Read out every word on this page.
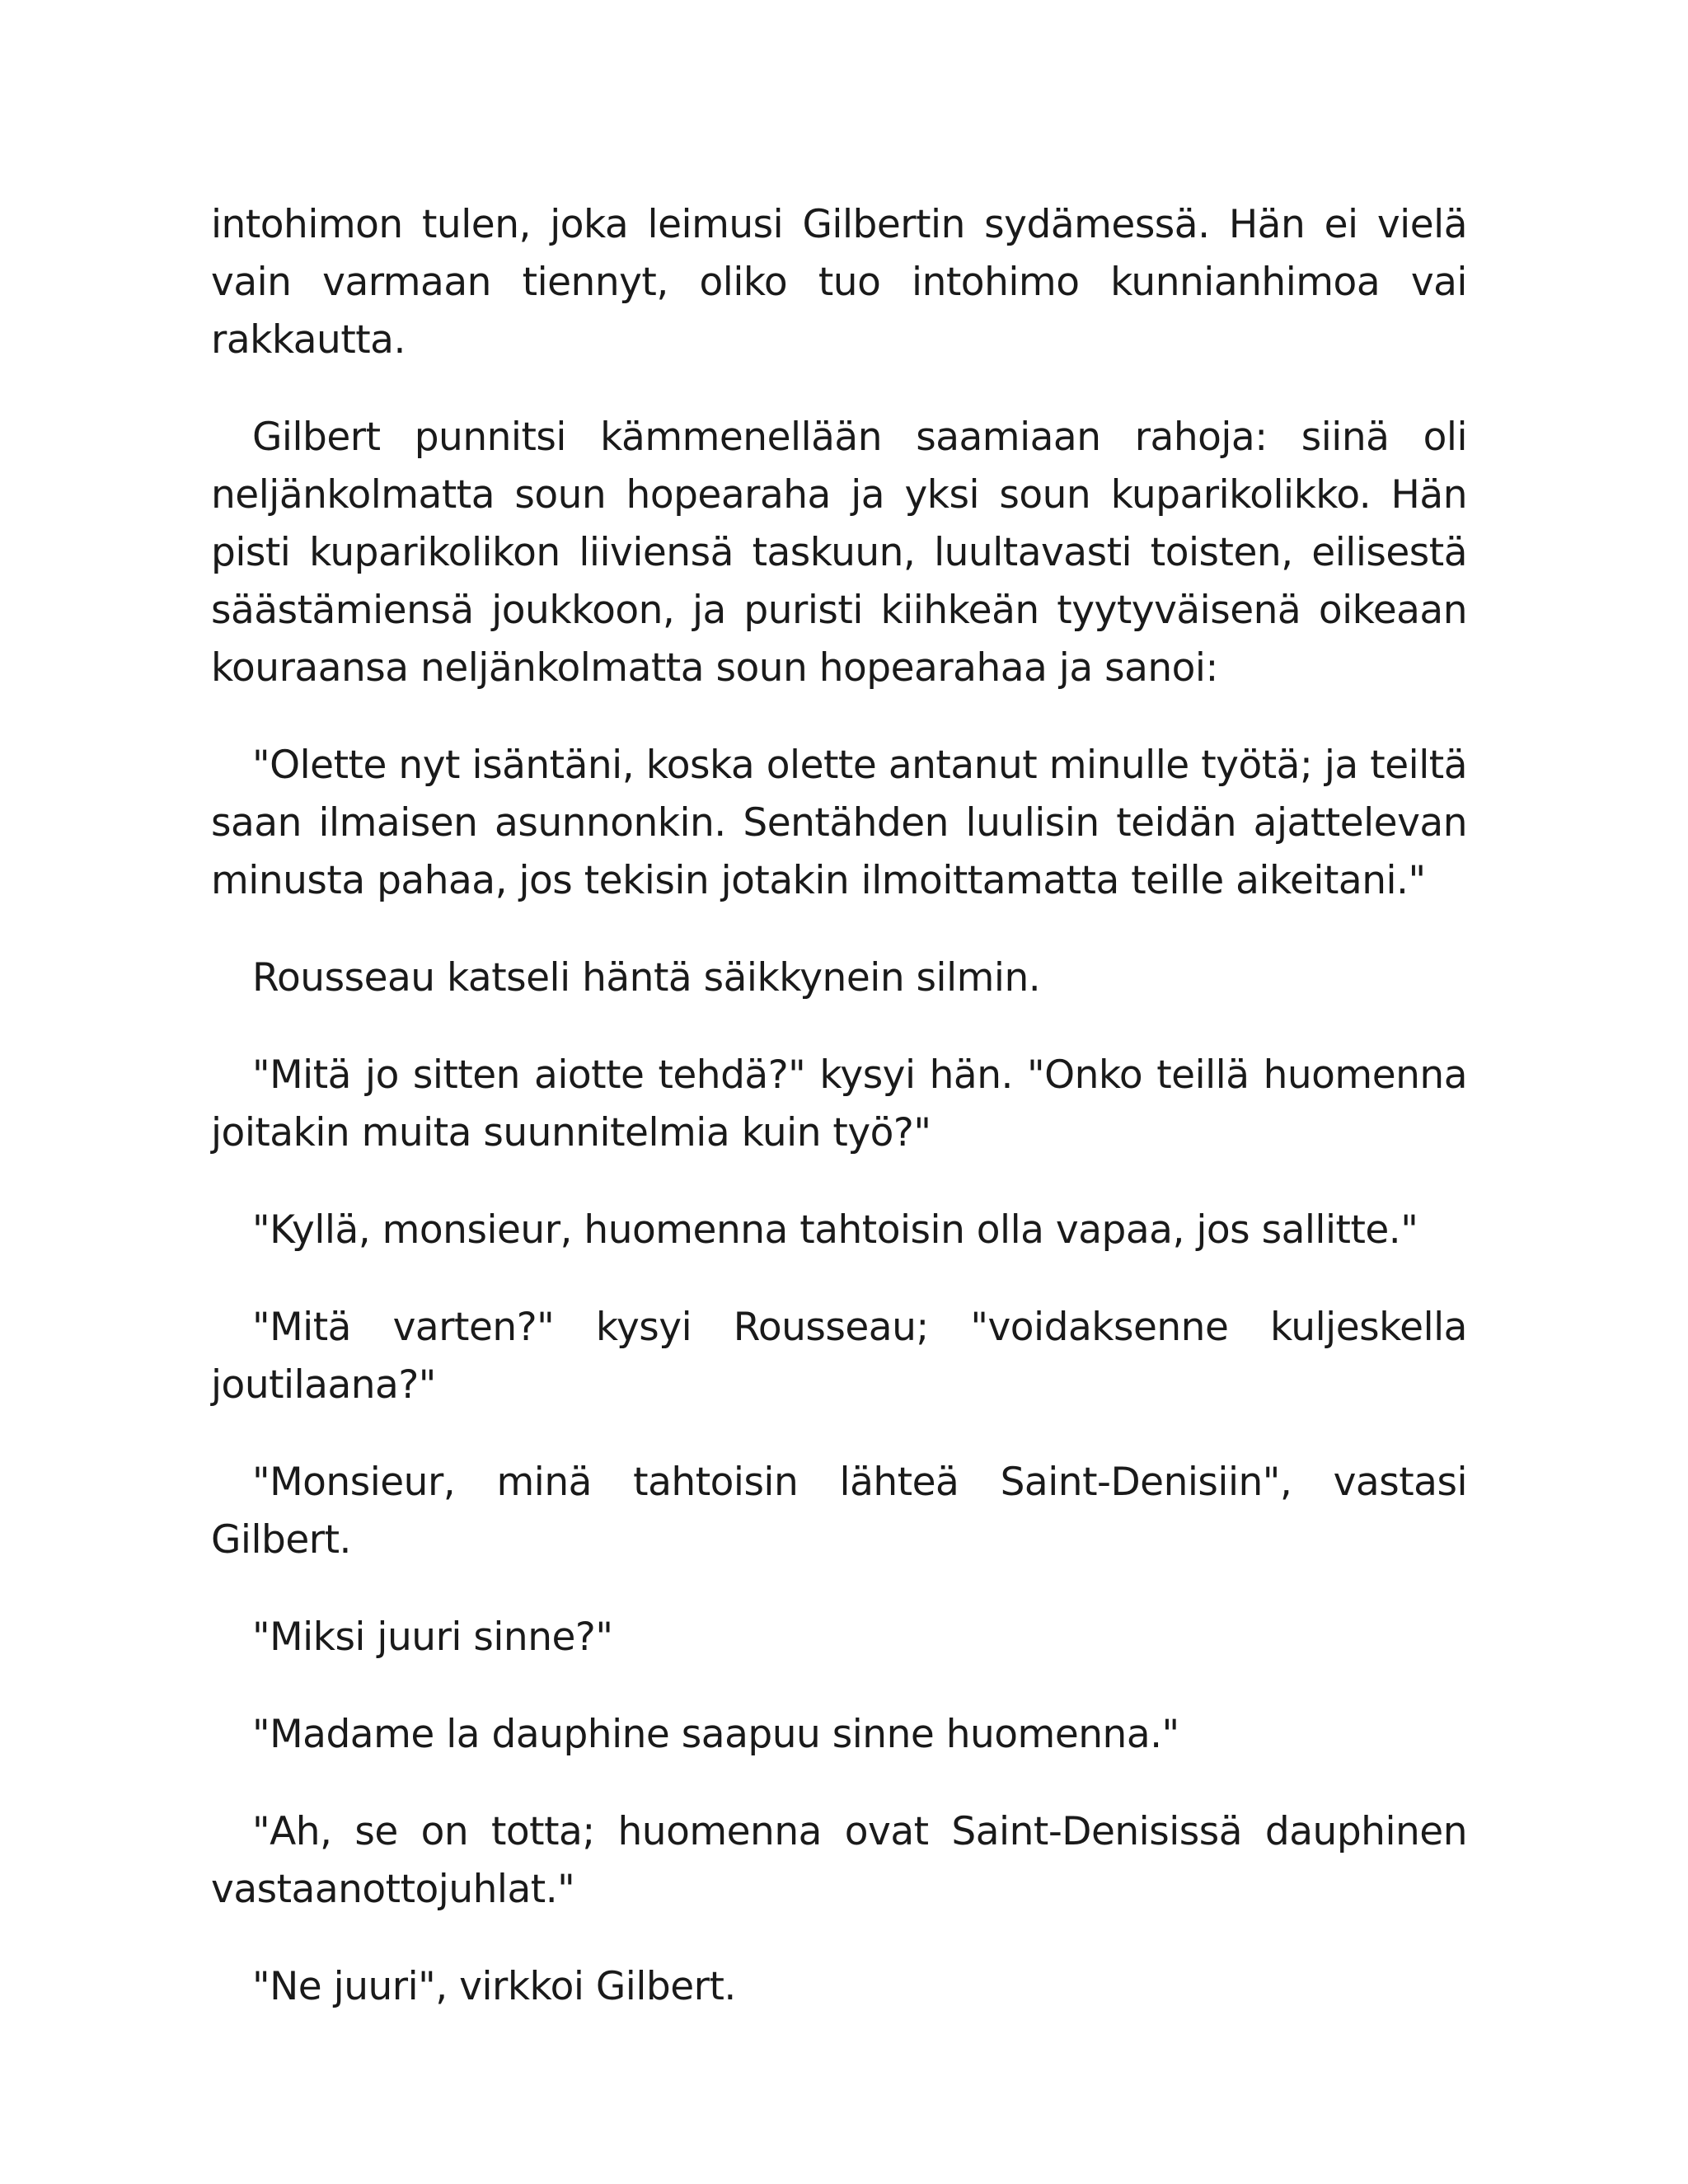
intohimon tulen, joka leimusi Gilbertin sydämessä. Hän ei vielä vain varmaan tiennyt, oliko tuo intohimo kunnianhimoa vai rakkautta.

Gilbert punnitsi kämmenellään saamiaan rahoja: siinä oli neljänkolmatta soun hopearaha ja yksi soun kuparikolikko. Hän pisti kuparikolikon liiviensä taskuun, luultavasti toisten, eilisestä säästämiensä joukkoon, ja puristi kiihkeän tyytyväisenä oikeaan kouraansa neljänkolmatta soun hopearahaa ja sanoi:

"Olette nyt isäntäni, koska olette antanut minulle työtä; ja teiltä saan ilmaisen asunnonkin. Sentähden luulisin teidän ajattelevan minusta pahaa, jos tekisin jotakin ilmoittamatta teille aikeitani."

Rousseau katseli häntä säikkynein silmin.

"Mitä jo sitten aiotte tehdä?" kysyi hän. "Onko teillä huomenna joitakin muita suunnitelmia kuin työ?"

"Kyllä, monsieur, huomenna tahtoisin olla vapaa, jos sallitte."

"Mitä varten?" kysyi Rousseau; "voidaksenne kuljeskella joutilaana?"

"Monsieur, minä tahtoisin lähteä Saint-Denisiin", vastasi Gilbert.

"Miksi juuri sinne?"

"Madame la dauphine saapuu sinne huomenna."

"Ah, se on totta; huomenna ovat Saint-Denisissä dauphinen vastaanottojuhlat."

"Ne juuri", virkkoi Gilbert.
